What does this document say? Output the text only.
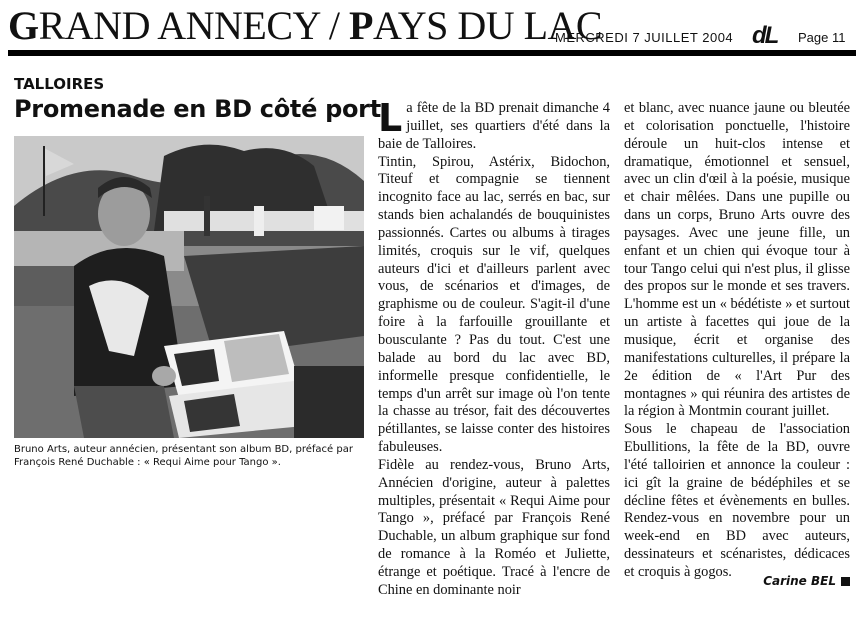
GRAND ANNECY / PAYS DU LAC
MERCREDI 7 JUILLET 2004 dL Page 11
TALLOIRES
Promenade en BD côté port
Bruno Arts, auteur annécien, présentant son album BD, préfacé par François René Duchable : « Requi Aime pour Tango ».

La fête de la BD prenait dimanche 4 juillet, ses quartiers d'été dans la baie de Talloires.

Tintin, Spirou, Astérix, Bidochon, Titeuf et compagnie se tiennent incognito face au lac, serrés en bac, sur stands bien achalandés de bouquinistes passionnés. Cartes ou albums à tirages limités, croquis sur le vif, quelques auteurs d'ici et d'ailleurs parlent avec vous, de scénarios et d'images, de graphisme ou de couleur. S'agit-il d'une foire à la farfouille grouillante et bousculante ? Pas du tout. C'est une balade au bord du lac avec BD, informelle presque confidentielle, le temps d'un arrêt sur image où l'on tente la chasse au trésor, fait des découvertes pétillantes, se laisse conter des histoires fabuleuses.

Fidèle au rendez-vous, Bruno Arts, Annécien d'origine, auteur à palettes multiples, présentait « Requi Aime pour Tango », préfacé par François René Duchable, un album graphique sur fond de romance à la Roméo et Juliette, étrange et poétique. Tracé à l'encre de Chine en dominante noir

et blanc, avec nuance jaune ou bleutée et colorisation ponctuelle, l'histoire déroule un huit-clos intense et dramatique, émotionnel et sensuel, avec un clin d'œil à la poésie, musique et chair mêlées. Dans une pupille ou dans un corps, Bruno Arts ouvre des paysages. Avec une jeune fille, un enfant et un chien qui évoque tour à tour Tango celui qui n'est plus, il glisse des propos sur le monde et ses travers. L'homme est un « bédétiste » et surtout un artiste à facettes qui joue de la musique, écrit et organise des manifestations culturelles, il prépare la 2e édition de « l'Art Pur des montagnes » qui réunira des artistes de la région à Montmin courant juillet.

Sous le chapeau de l'association Ebullitions, la fête de la BD, ouvre l'été talloirien et annonce la couleur : ici gît la graine de bédéphiles et se décline fêtes et évènements en bulles. Rendez-vous en novembre pour un week-end en BD avec auteurs, dessinateurs et scénaristes, dédicaces et croquis à gogos.

Carine BEL
